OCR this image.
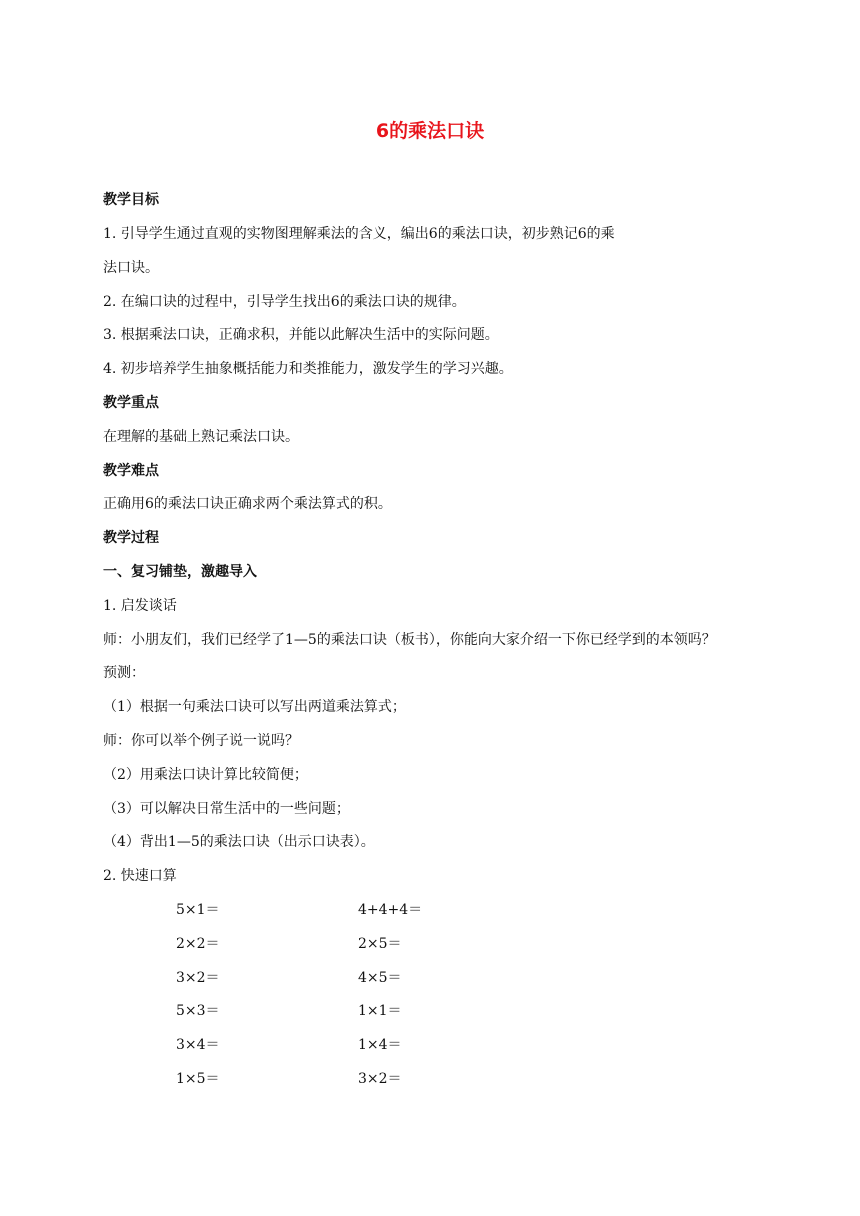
6的乘法口诀
教学目标
1. 引导学生通过直观的实物图理解乘法的含义，编出6的乘法口诀，初步熟记6的乘
法口诀。
2. 在编口诀的过程中，引导学生找出6的乘法口诀的规律。
3. 根据乘法口诀，正确求积，并能以此解决生活中的实际问题。
4. 初步培养学生抽象概括能力和类推能力，激发学生的学习兴趣。
教学重点
在理解的基础上熟记乘法口诀。
教学难点
正确用6的乘法口诀正确求两个乘法算式的积。
教学过程
一、复习铺垫，激趣导入
1. 启发谈话
师：小朋友们，我们已经学了1—5的乘法口诀（板书），你能向大家介绍一下你已经学到的本领吗？
预测：
（1）根据一句乘法口诀可以写出两道乘法算式；
师：你可以举个例子说一说吗？
（2）用乘法口诀计算比较简便；
（3）可以解决日常生活中的一些问题；
（4）背出1—5的乘法口诀（出示口诀表）。
2. 快速口算
5×1＝	4+4+4＝
2×2＝	2×5＝
3×2＝	4×5＝
5×3＝	1×1＝
3×4＝	1×4＝
1×5＝	3×2＝
